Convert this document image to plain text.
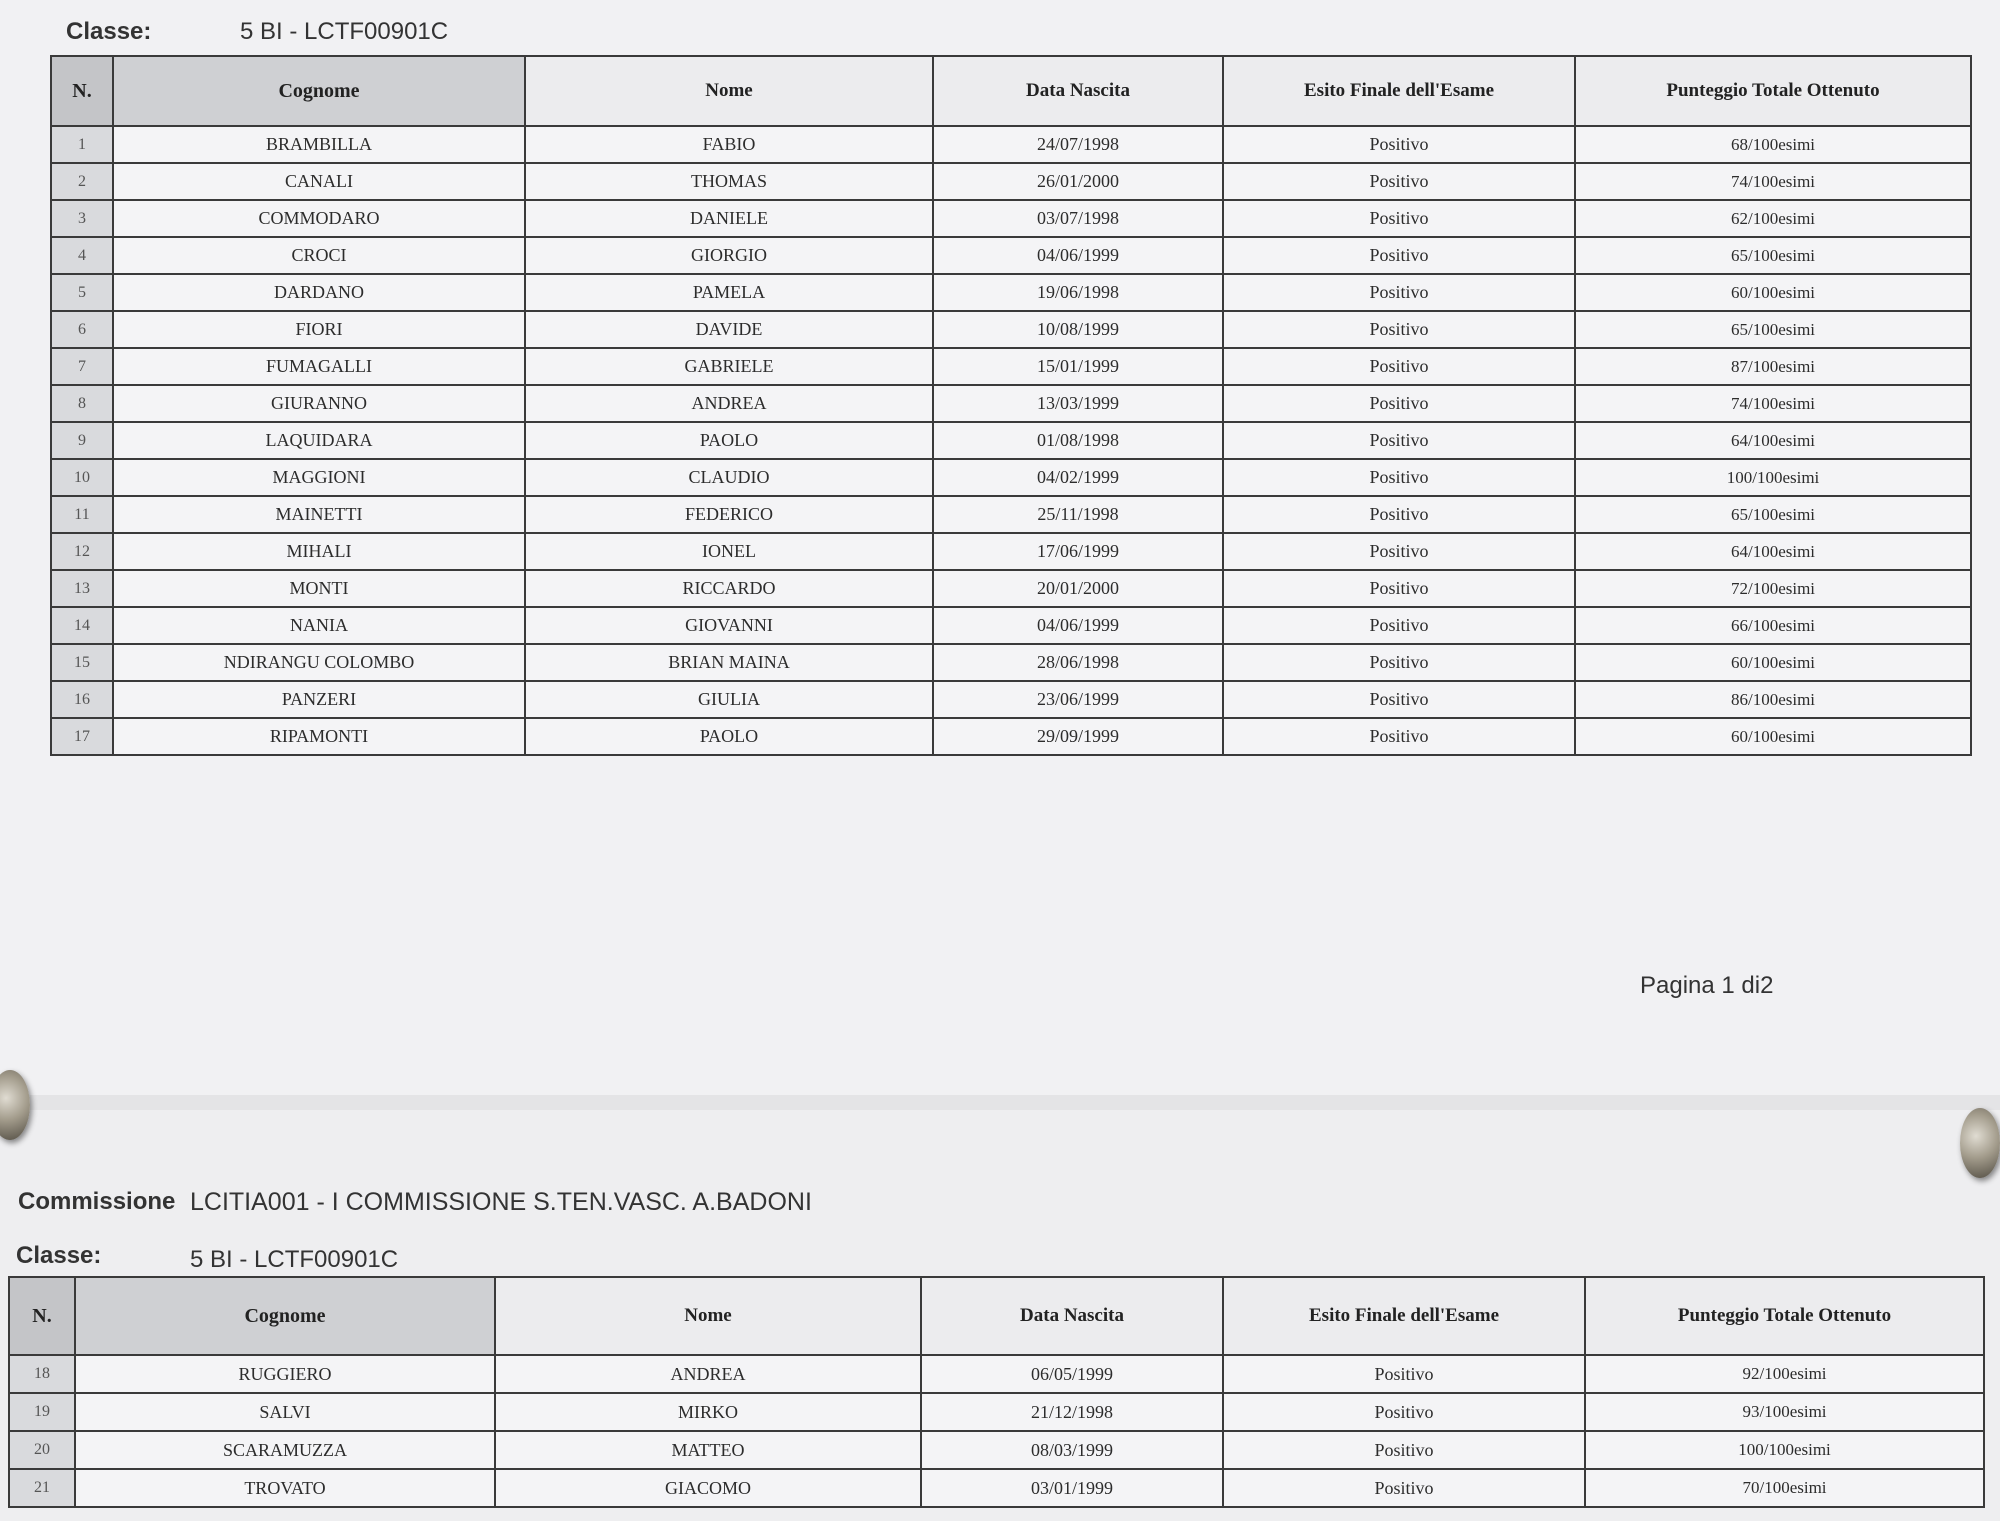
Classe:	5 BI - LCTF00901C
N.	Cognome	Nome	Data Nascita	Esito Finale dell'Esame	Punteggio Totale Ottenuto
1	BRAMBILLA	FABIO	24/07/1998	Positivo	68/100esimi
2	CANALI	THOMAS	26/01/2000	Positivo	74/100esimi
3	COMMODARO	DANIELE	03/07/1998	Positivo	62/100esimi
4	CROCI	GIORGIO	04/06/1999	Positivo	65/100esimi
5	DARDANO	PAMELA	19/06/1998	Positivo	60/100esimi
6	FIORI	DAVIDE	10/08/1999	Positivo	65/100esimi
7	FUMAGALLI	GABRIELE	15/01/1999	Positivo	87/100esimi
8	GIURANNO	ANDREA	13/03/1999	Positivo	74/100esimi
9	LAQUIDARA	PAOLO	01/08/1998	Positivo	64/100esimi
10	MAGGIONI	CLAUDIO	04/02/1999	Positivo	100/100esimi
11	MAINETTI	FEDERICO	25/11/1998	Positivo	65/100esimi
12	MIHALI	IONEL	17/06/1999	Positivo	64/100esimi
13	MONTI	RICCARDO	20/01/2000	Positivo	72/100esimi
14	NANIA	GIOVANNI	04/06/1999	Positivo	66/100esimi
15	NDIRANGU COLOMBO	BRIAN MAINA	28/06/1998	Positivo	60/100esimi
16	PANZERI	GIULIA	23/06/1999	Positivo	86/100esimi
17	RIPAMONTI	PAOLO	29/09/1999	Positivo	60/100esimi
Pagina 1 di2
Commissione LCITIA001 - I COMMISSIONE S.TEN.VASC. A.BADONI
Classe:	5 BI - LCTF00901C
N.	Cognome	Nome	Data Nascita	Esito Finale dell'Esame	Punteggio Totale Ottenuto
18	RUGGIERO	ANDREA	06/05/1999	Positivo	92/100esimi
19	SALVI	MIRKO	21/12/1998	Positivo	93/100esimi
20	SCARAMUZZA	MATTEO	08/03/1999	Positivo	100/100esimi
21	TROVATO	GIACOMO	03/01/1999	Positivo	70/100esimi
